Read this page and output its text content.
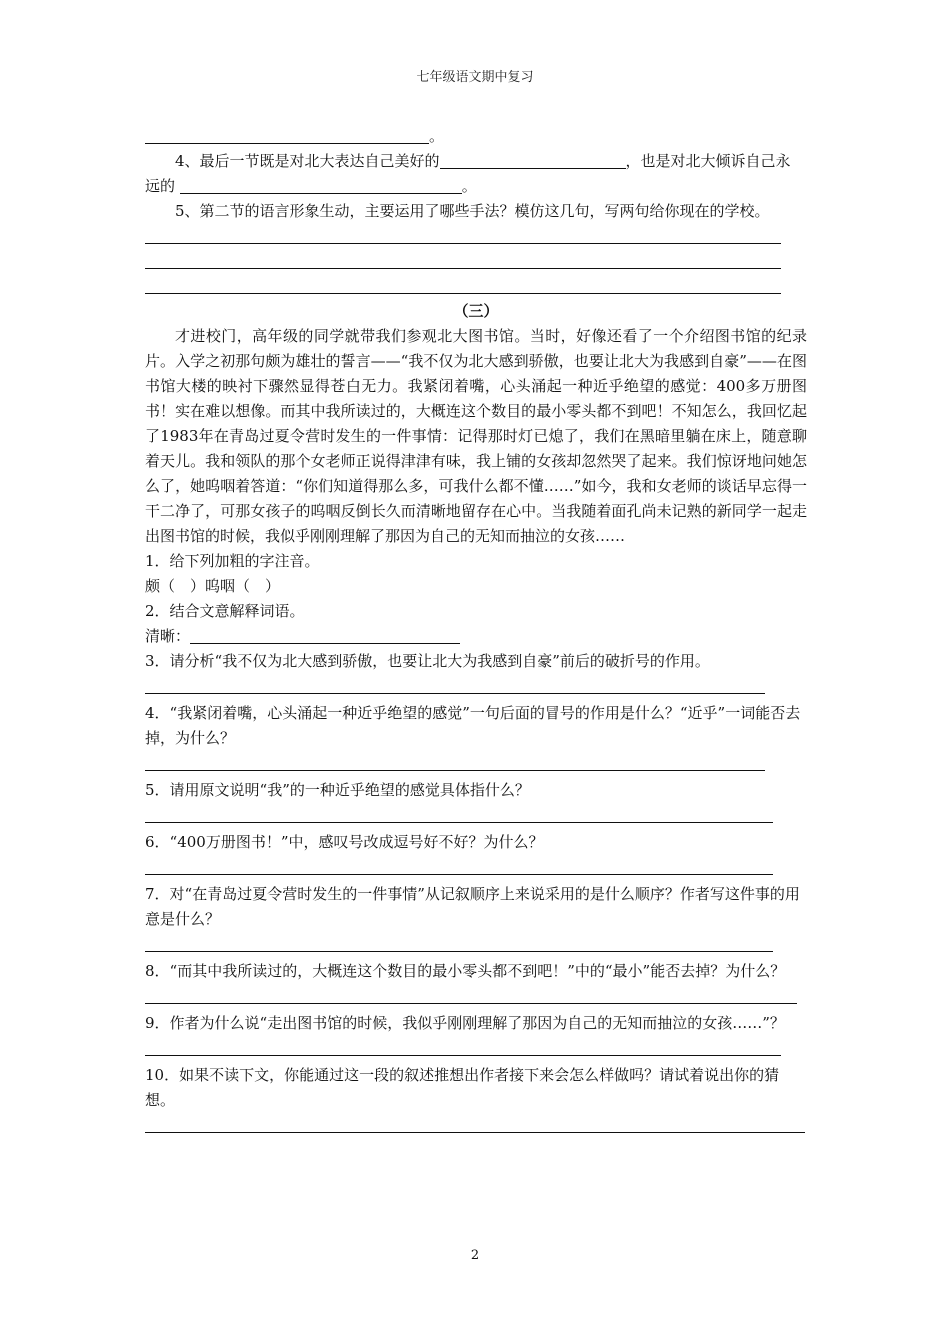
七年级语文期中复习
。
4、最后一节既是对北大表达自己美好的	，也是对北大倾诉自己永
远的	。
5、第二节的语言形象生动，主要运用了哪些手法？模仿这几句，写两句给你现在的学校。
（三）
才进校门，高年级的同学就带我们参观北大图书馆。当时，好像还看了一个介绍图书馆的纪录片。入学之初那句颇为雄壮的誓言——“我不仅为北大感到骄傲，也要让北大为我感到自豪”——在图书馆大楼的映衬下骤然显得苍白无力。我紧闭着嘴，心头涌起一种近乎绝望的感觉：400多万册图书！实在难以想像。而其中我所读过的，大概连这个数目的最小零头都不到吧！不知怎么，我回忆起了1983年在青岛过夏令营时发生的一件事情：记得那时灯已熄了，我们在黑暗里躺在床上，随意聊着天儿。我和领队的那个女老师正说得津津有味，我上铺的女孩却忽然哭了起来。我们惊讶地问她怎么了，她呜咽着答道：“你们知道得那么多，可我什么都不懂……”如今，我和女老师的谈话早忘得一干二净了，可那女孩子的呜咽反倒长久而清晰地留存在心中。当我随着面孔尚未记熟的新同学一起走出图书馆的时候，我似乎刚刚理解了那因为自己的无知而抽泣的女孩……
1．给下列加粗的字注音。
颇（　）呜咽（　）
2．结合文意解释词语。
清晰：
3．请分析“我不仅为北大感到骄傲，也要让北大为我感到自豪”前后的破折号的作用。
4．“我紧闭着嘴，心头涌起一种近乎绝望的感觉”一句后面的冒号的作用是什么？“近乎”一词能否去掉，为什么？
5．请用原文说明“我”的一种近乎绝望的感觉具体指什么？
6．“400万册图书！”中，感叹号改成逗号好不好？为什么？
7．对“在青岛过夏令营时发生的一件事情”从记叙顺序上来说采用的是什么顺序？作者写这件事的用意是什么？
8．“而其中我所读过的，大概连这个数目的最小零头都不到吧！”中的“最小”能否去掉？为什么？
9．作者为什么说“走出图书馆的时候，我似乎刚刚理解了那因为自己的无知而抽泣的女孩……”？
10．如果不读下文，你能通过这一段的叙述推想出作者接下来会怎么样做吗？请试着说出你的猜想。
2
